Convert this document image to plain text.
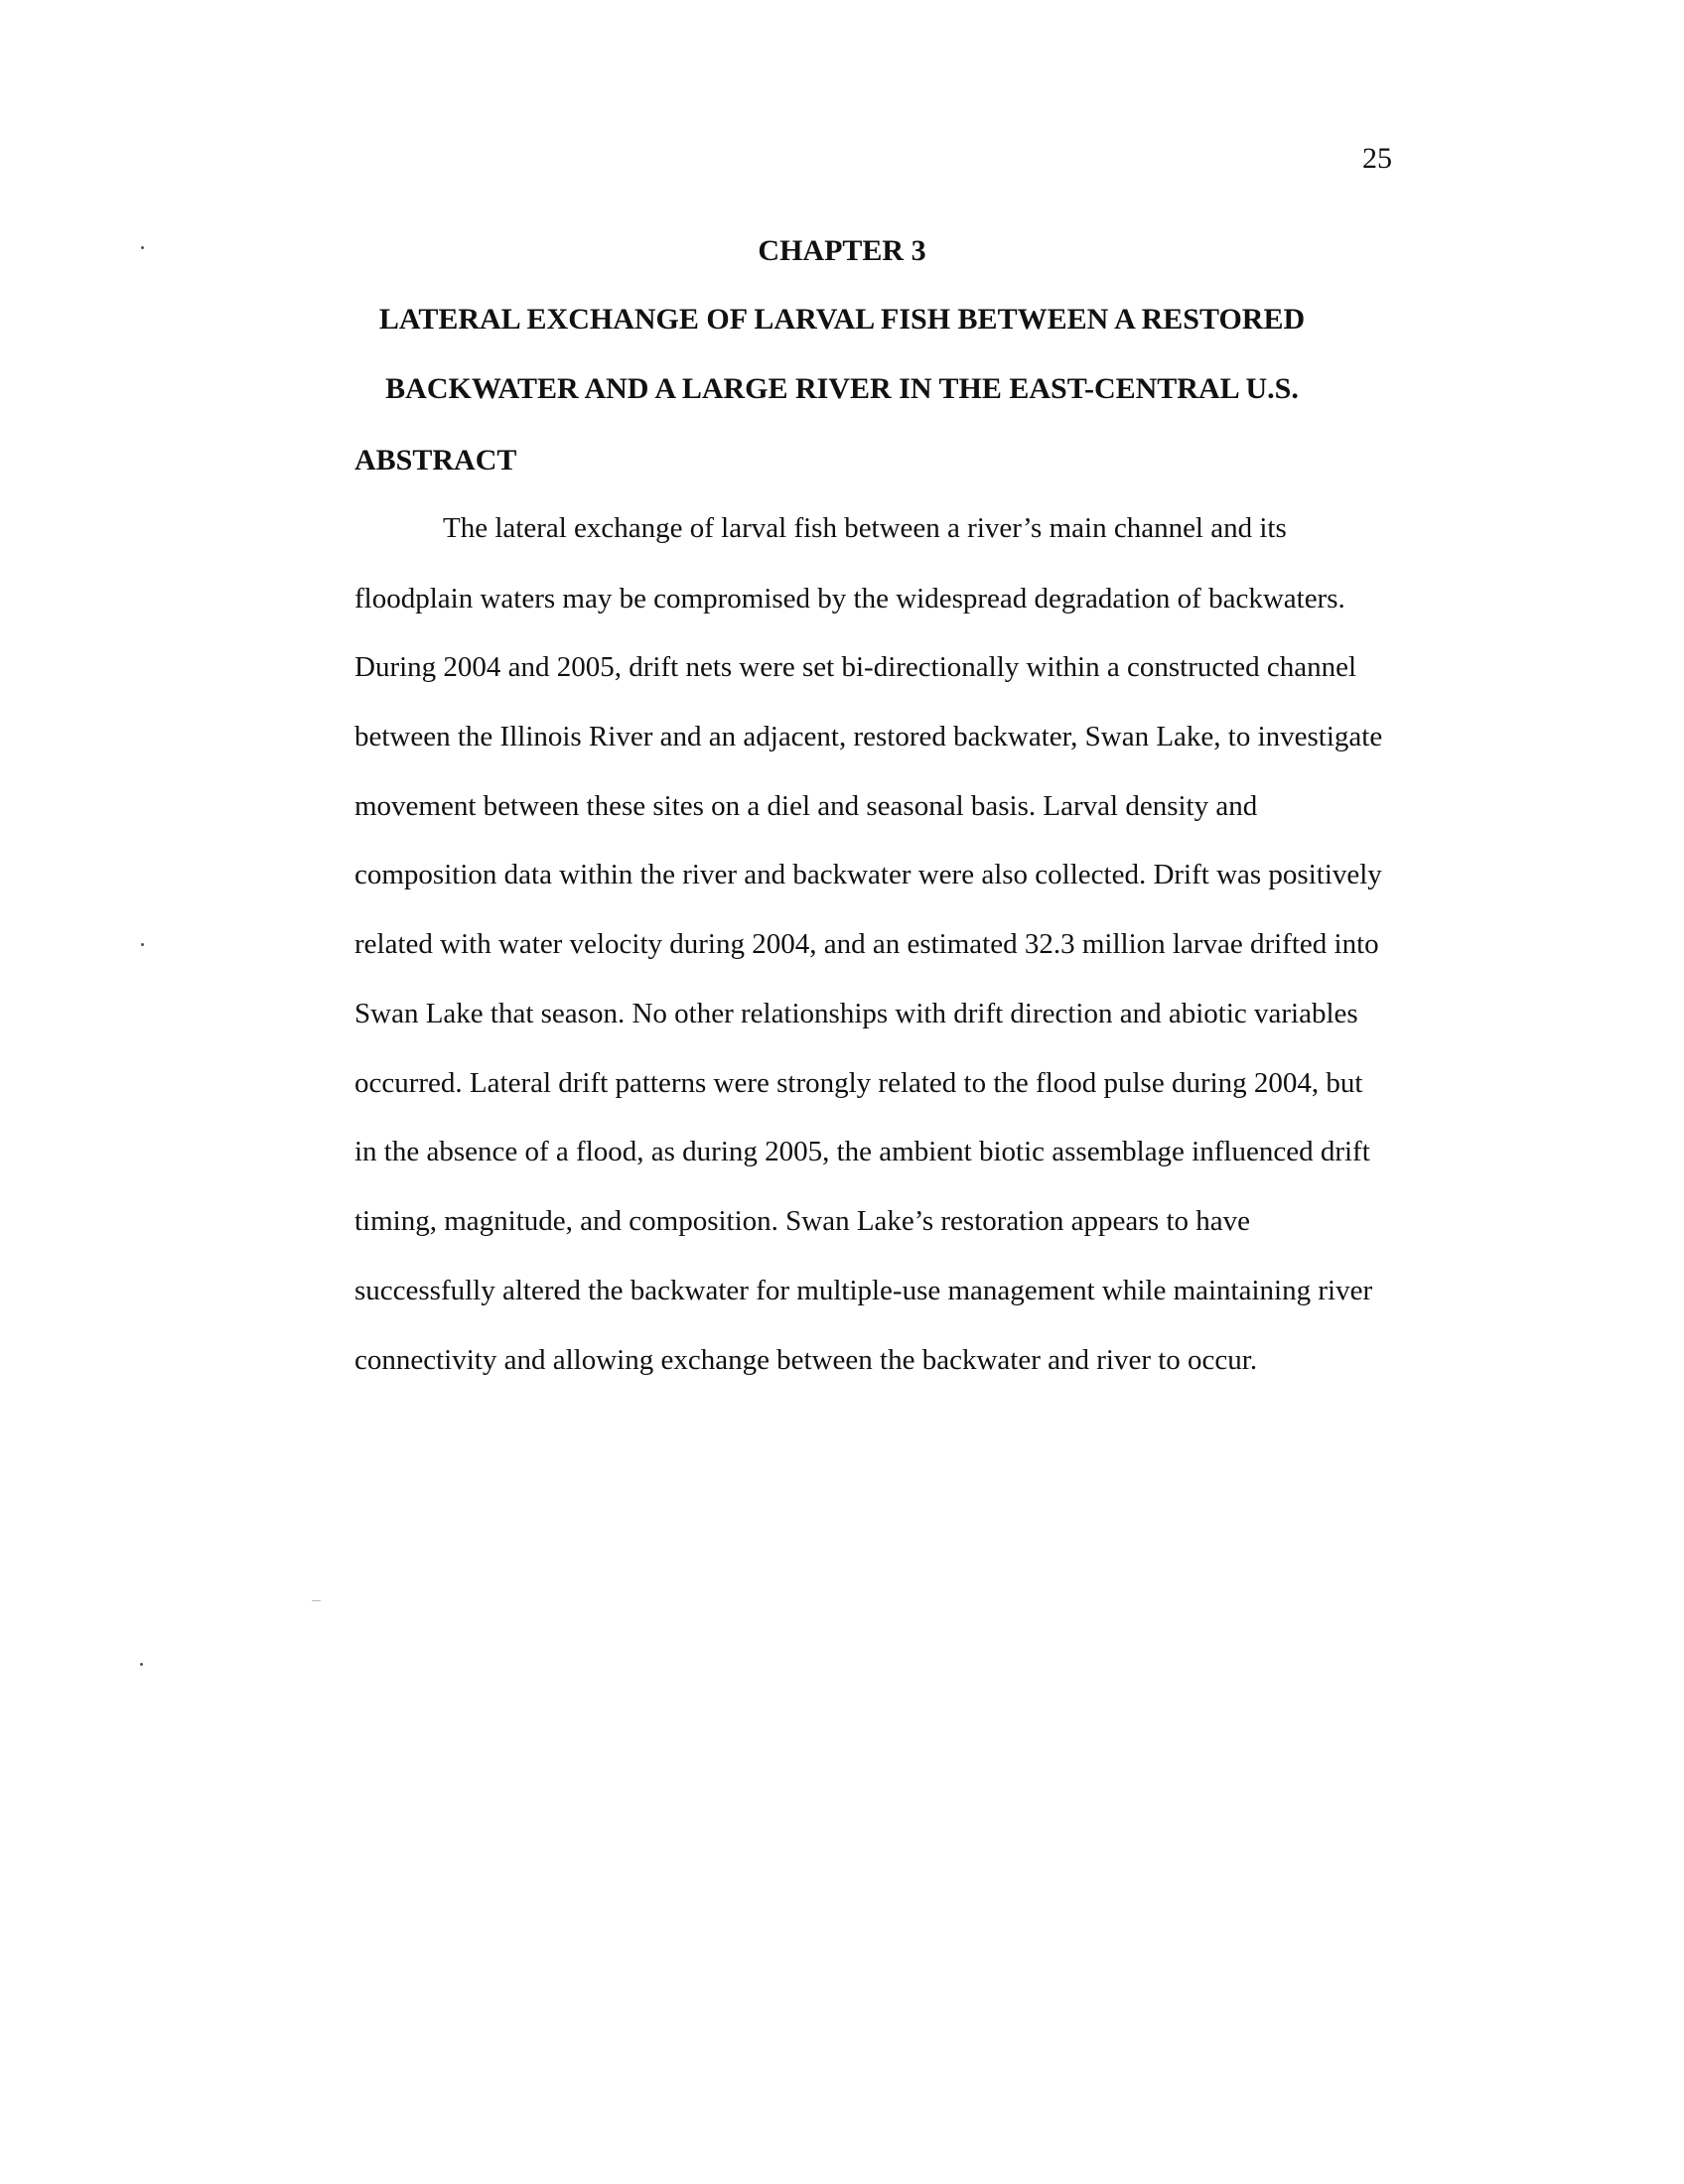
25
CHAPTER 3
LATERAL EXCHANGE OF LARVAL FISH BETWEEN A RESTORED
BACKWATER AND A LARGE RIVER IN THE EAST-CENTRAL U.S.
ABSTRACT
The lateral exchange of larval fish between a river’s main channel and its
floodplain waters may be compromised by the widespread degradation of backwaters.
During 2004 and 2005, drift nets were set bi-directionally within a constructed channel
between the Illinois River and an adjacent, restored backwater, Swan Lake, to investigate
movement between these sites on a diel and seasonal basis. Larval density and
composition data within the river and backwater were also collected. Drift was positively
related with water velocity during 2004, and an estimated 32.3 million larvae drifted into
Swan Lake that season. No other relationships with drift direction and abiotic variables
occurred. Lateral drift patterns were strongly related to the flood pulse during 2004, but
in the absence of a flood, as during 2005, the ambient biotic assemblage influenced drift
timing, magnitude, and composition. Swan Lake’s restoration appears to have
successfully altered the backwater for multiple-use management while maintaining river
connectivity and allowing exchange between the backwater and river to occur.
